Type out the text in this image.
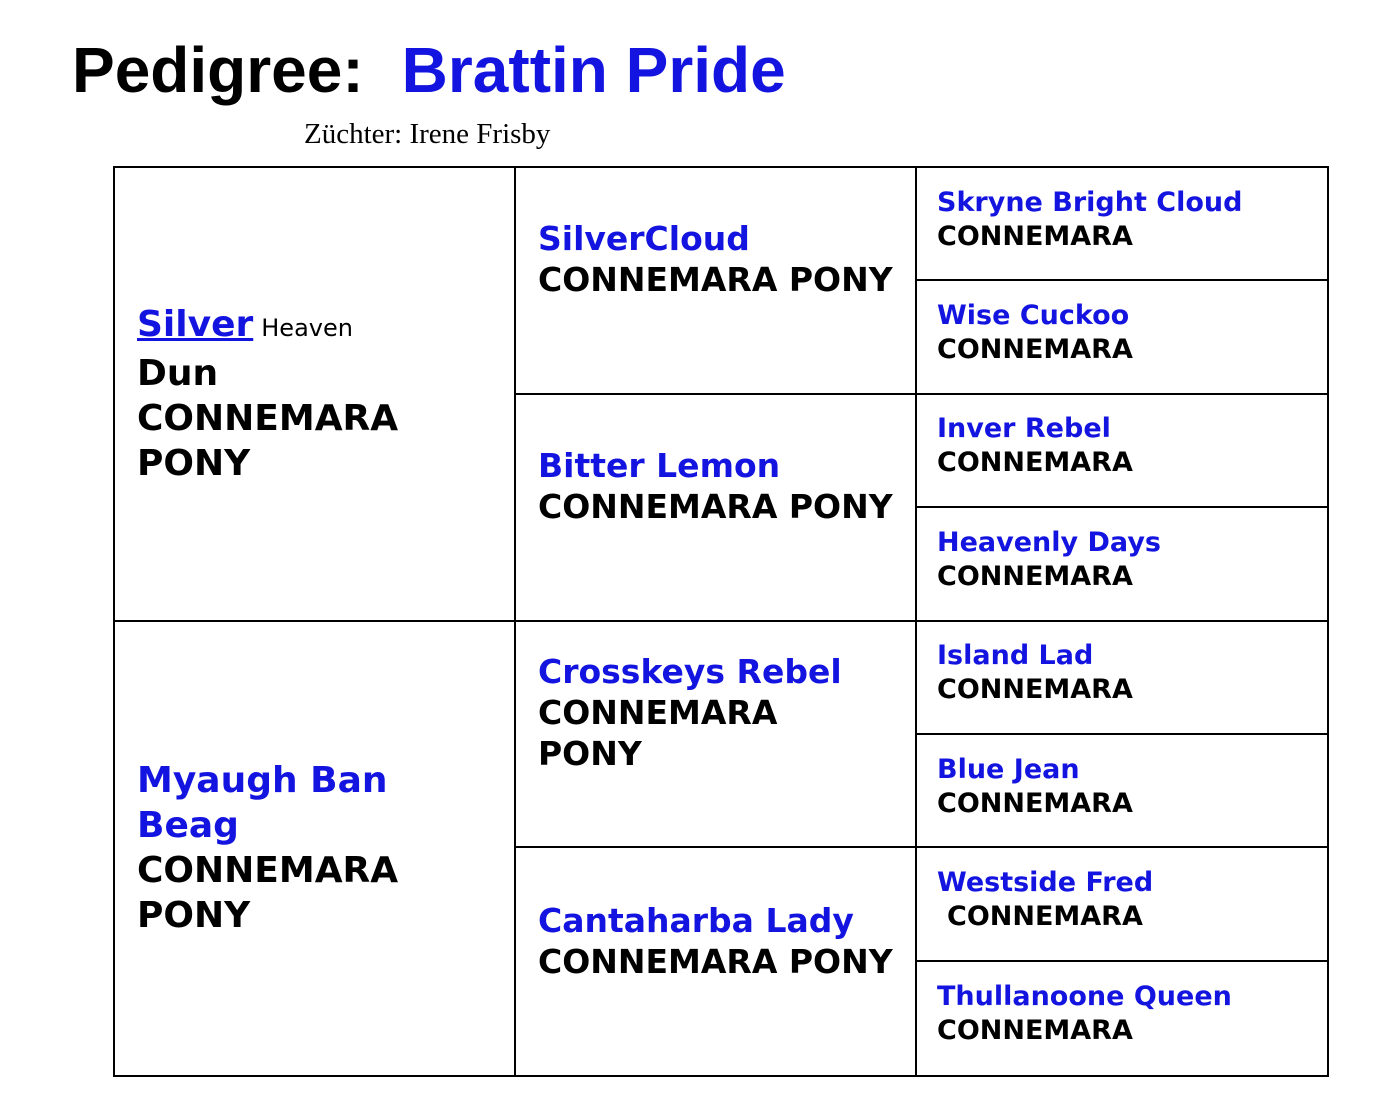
Pedigree: Brattin Pride
Züchter: Irene Frisby
Silver Heaven
Dun
CONNEMARA
PONY
Myaugh Ban
Beag
CONNEMARA
PONY
SilverCloud
CONNEMARA PONY
Bitter Lemon
CONNEMARA PONY
Crosskeys Rebel
CONNEMARA
PONY
Cantaharba Lady
CONNEMARA PONY
Skryne Bright Cloud
CONNEMARA
Wise Cuckoo
CONNEMARA
Inver Rebel
CONNEMARA
Heavenly Days
CONNEMARA
Island Lad
CONNEMARA
Blue Jean
CONNEMARA
Westside Fred
CONNEMARA
Thullanoone Queen
CONNEMARA
